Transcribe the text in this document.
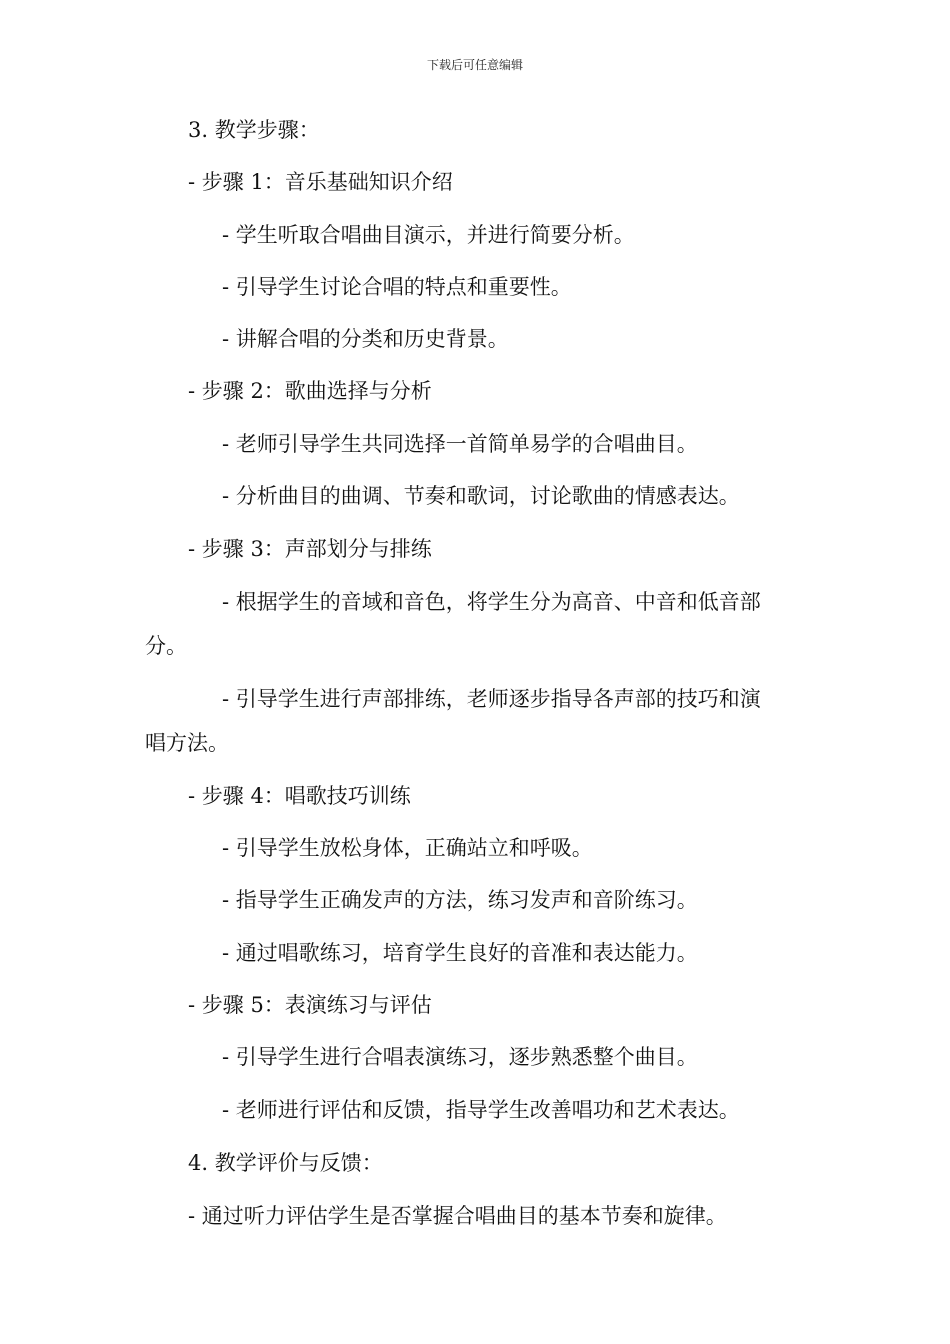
下载后可任意编辑
3. 教学步骤：
- 步骤 1：音乐基础知识介绍
- 学生听取合唱曲目演示，并进行简要分析。
- 引导学生讨论合唱的特点和重要性。
- 讲解合唱的分类和历史背景。
- 步骤 2：歌曲选择与分析
- 老师引导学生共同选择一首简单易学的合唱曲目。
- 分析曲目的曲调、节奏和歌词，讨论歌曲的情感表达。
- 步骤 3：声部划分与排练
- 根据学生的音域和音色，将学生分为高音、中音和低音部
分。
- 引导学生进行声部排练，老师逐步指导各声部的技巧和演
唱方法。
- 步骤 4：唱歌技巧训练
- 引导学生放松身体，正确站立和呼吸。
- 指导学生正确发声的方法，练习发声和音阶练习。
- 通过唱歌练习，培育学生良好的音准和表达能力。
- 步骤 5：表演练习与评估
- 引导学生进行合唱表演练习，逐步熟悉整个曲目。
- 老师进行评估和反馈，指导学生改善唱功和艺术表达。
4. 教学评价与反馈：
- 通过听力评估学生是否掌握合唱曲目的基本节奏和旋律。
